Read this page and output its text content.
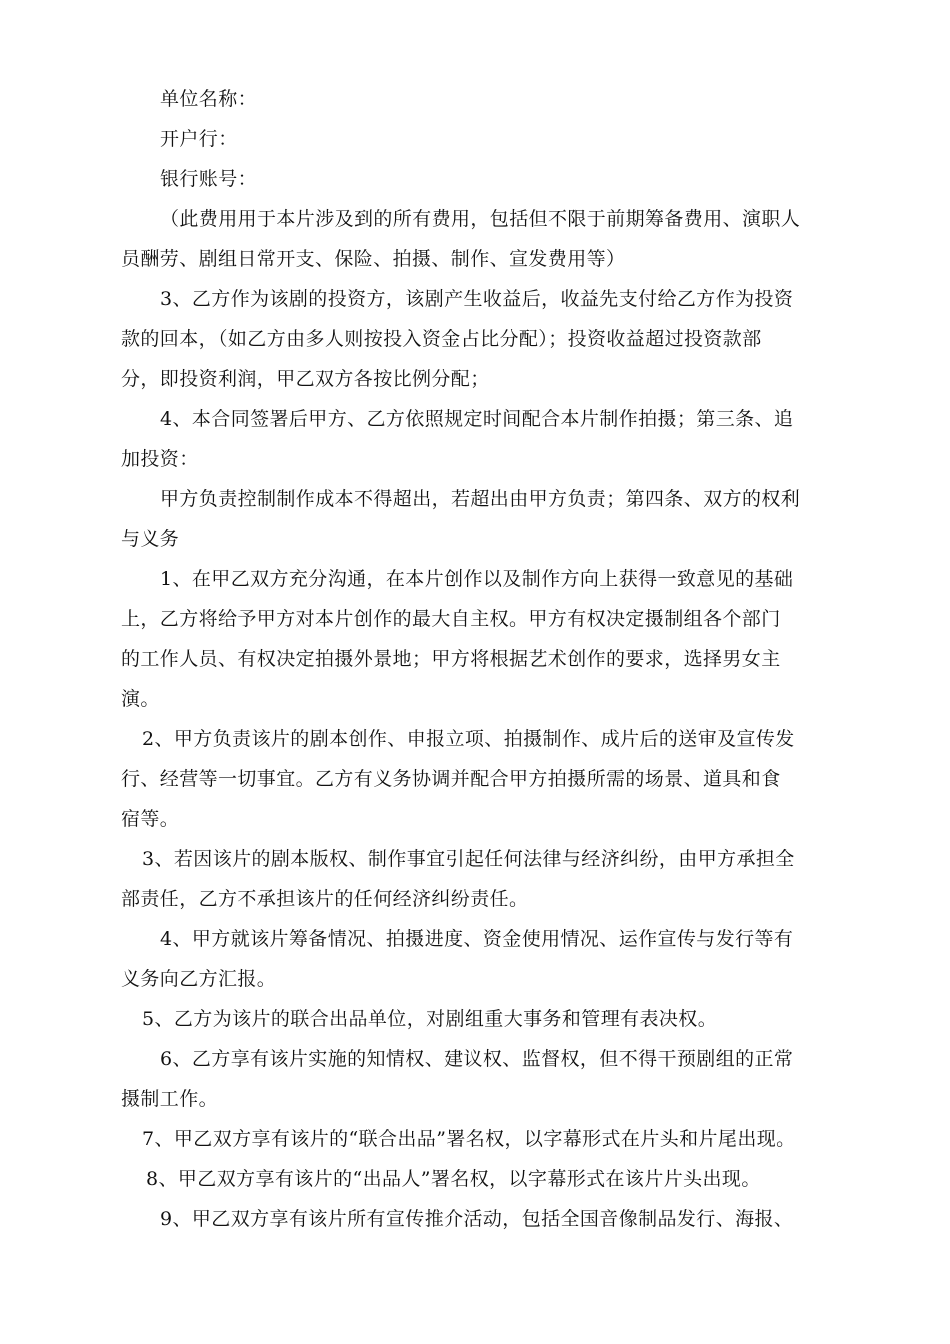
单位名称：

开户行：

银行账号：

（此费用用于本片涉及到的所有费用，包括但不限于前期筹备费用、演职人

员酬劳、剧组日常开支、保险、拍摄、制作、宣发费用等）

3、乙方作为该剧的投资方，该剧产生收益后，收益先支付给乙方作为投资

款的回本，（如乙方由多人则按投入资金占比分配）；投资收益超过投资款部

分，即投资利润，甲乙双方各按比例分配；

4、本合同签署后甲方、乙方依照规定时间配合本片制作拍摄；第三条、追

加投资：

甲方负责控制制作成本不得超出，若超出由甲方负责；第四条、双方的权利

与义务

1、在甲乙双方充分沟通，在本片创作以及制作方向上获得一致意见的基础

上，乙方将给予甲方对本片创作的最大自主权。甲方有权决定摄制组各个部门

的工作人员、有权决定拍摄外景地；甲方将根据艺术创作的要求，选择男女主

演。

2、甲方负责该片的剧本创作、申报立项、拍摄制作、成片后的送审及宣传发

行、经营等一切事宜。乙方有义务协调并配合甲方拍摄所需的场景、道具和食

宿等。

3、若因该片的剧本版权、制作事宜引起任何法律与经济纠纷，由甲方承担全

部责任，乙方不承担该片的任何经济纠纷责任。

4、甲方就该片筹备情况、拍摄进度、资金使用情况、运作宣传与发行等有

义务向乙方汇报。

5、乙方为该片的联合出品单位，对剧组重大事务和管理有表决权。

6、乙方享有该片实施的知情权、建议权、监督权，但不得干预剧组的正常

摄制工作。

7、甲乙双方享有该片的“联合出品”署名权，以字幕形式在片头和片尾出现。

8、甲乙双方享有该片的“出品人”署名权，以字幕形式在该片片头出现。

9、甲乙双方享有该片所有宣传推介活动，包括全国音像制品发行、海报、
